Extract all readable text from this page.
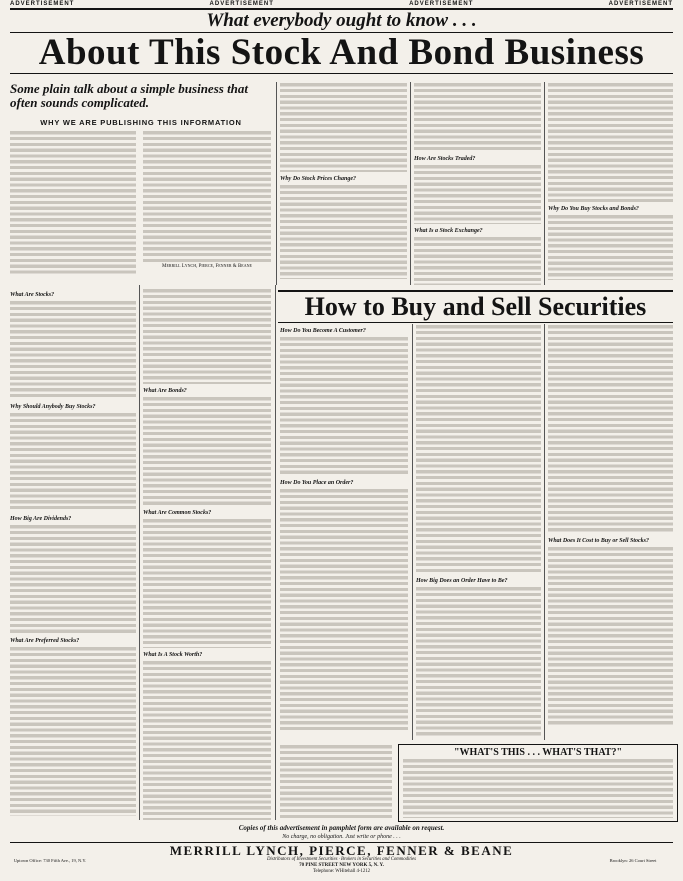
ADVERTISEMENT	ADVERTISEMENT	ADVERTISEMENT	ADVERTISEMENT
What everybody ought to know . . .
About This Stock And Bond Business
Some plain talk about a simple business that often sounds complicated.
WHY WE ARE PUBLISHING THIS INFORMATION
Merrill Lynch, Pierce, Fenner & Beane
What Are Stocks?
Why Should Anybody Buy Stocks?
How Big Are Dividends?
What Are Preferred Stocks?
What Are Bonds?
What Are Common Stocks?
What Is A Stock Worth?
Why Do Stock Prices Change?
How Are Stocks Traded?
What Is a Stock Exchange?
Why Do You Buy Stocks and Bonds?
How to Buy and Sell Securities
How Do You Become A Customer?
How Do You Place an Order?
How Big Does an Order Have to Be?
What Does It Cost to Buy or Sell Stocks?
"WHAT'S THIS . . . WHAT'S THAT?"
Copies of this advertisement in pamphlet form are available on request.
No charge, no obligation. Just write or phone . . .
MERRILL LYNCH, PIERCE, FENNER & BEANE
Distributors of Investment Securities · Brokers in Securities and Commodities
70 PINE STREET NEW YORK 5, N. Y.
Telephone: WHitehall 4-1212
Uptown Office: 730 Fifth Ave., 19, N.Y.	Brooklyn: 26 Court Street
